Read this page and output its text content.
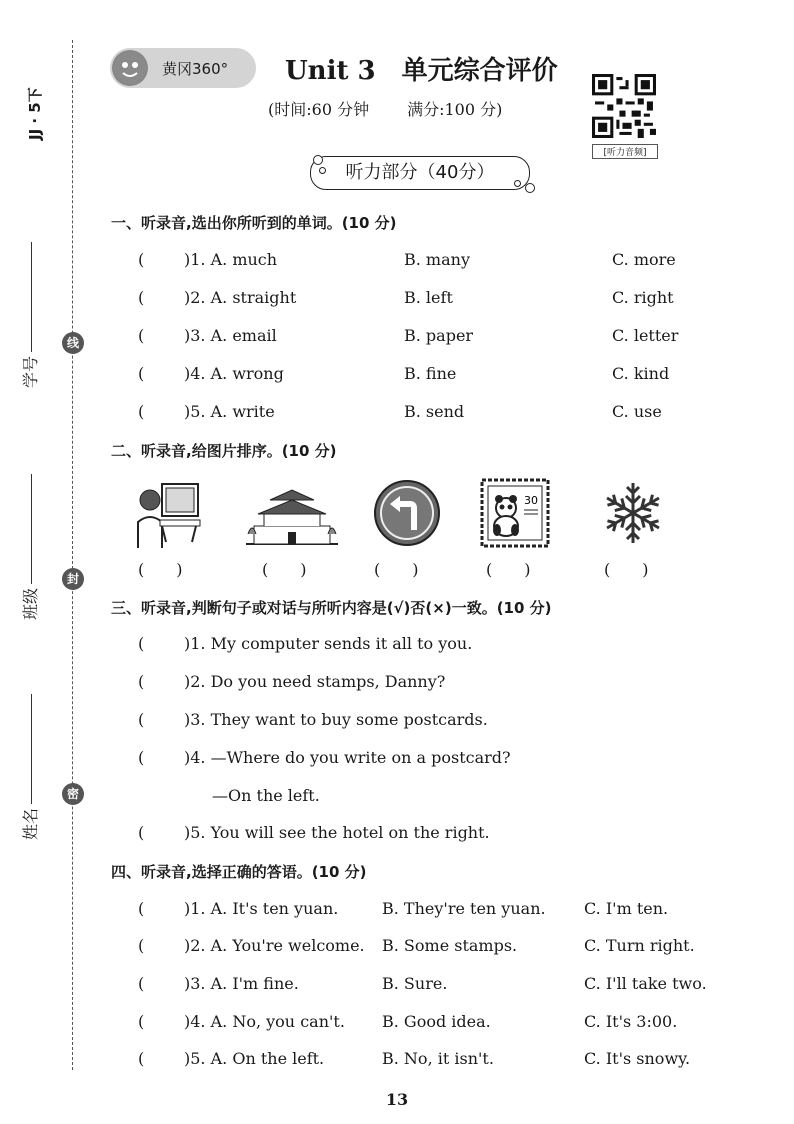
JJ · 5下
学号
班级
姓名
线
封
密
黄冈360° Unit 3　单元综合评价
(时间:60 分钟 满分:100 分)
[听力音频]
听力部分（40分）
一、听录音,选出你所听到的单词。(10 分)
( )1. A. much	B. many	C. more
( )2. A. straight	B. left	C. right
( )3. A. email	B. paper	C. letter
( )4. A. wrong	B. fine	C. kind
( )5. A. write	B. send	C. use
二、听录音,给图片排序。(10 分)
30
(　　)	(　　)	(　　)	(　　)	(　　)
三、听录音,判断句子或对话与所听内容是(√)否(×)一致。(10 分)
( )1. My computer sends it all to you.
( )2. Do you need stamps, Danny?
( )3. They want to buy some postcards.
( )4. —Where do you write on a postcard?
—On the left.
( )5. You will see the hotel on the right.
四、听录音,选择正确的答语。(10 分)
( )1. A. It's ten yuan.	B. They're ten yuan. C. I'm ten.
( )2. A. You're welcome. B. Some stamps.	C. Turn right.
( )3. A. I'm fine.	B. Sure.	C. I'll take two.
( )4. A. No, you can't. B. Good idea.	C. It's 3:00.
( )5. A. On the left.	B. No, it isn't.	C. It's snowy.
13
